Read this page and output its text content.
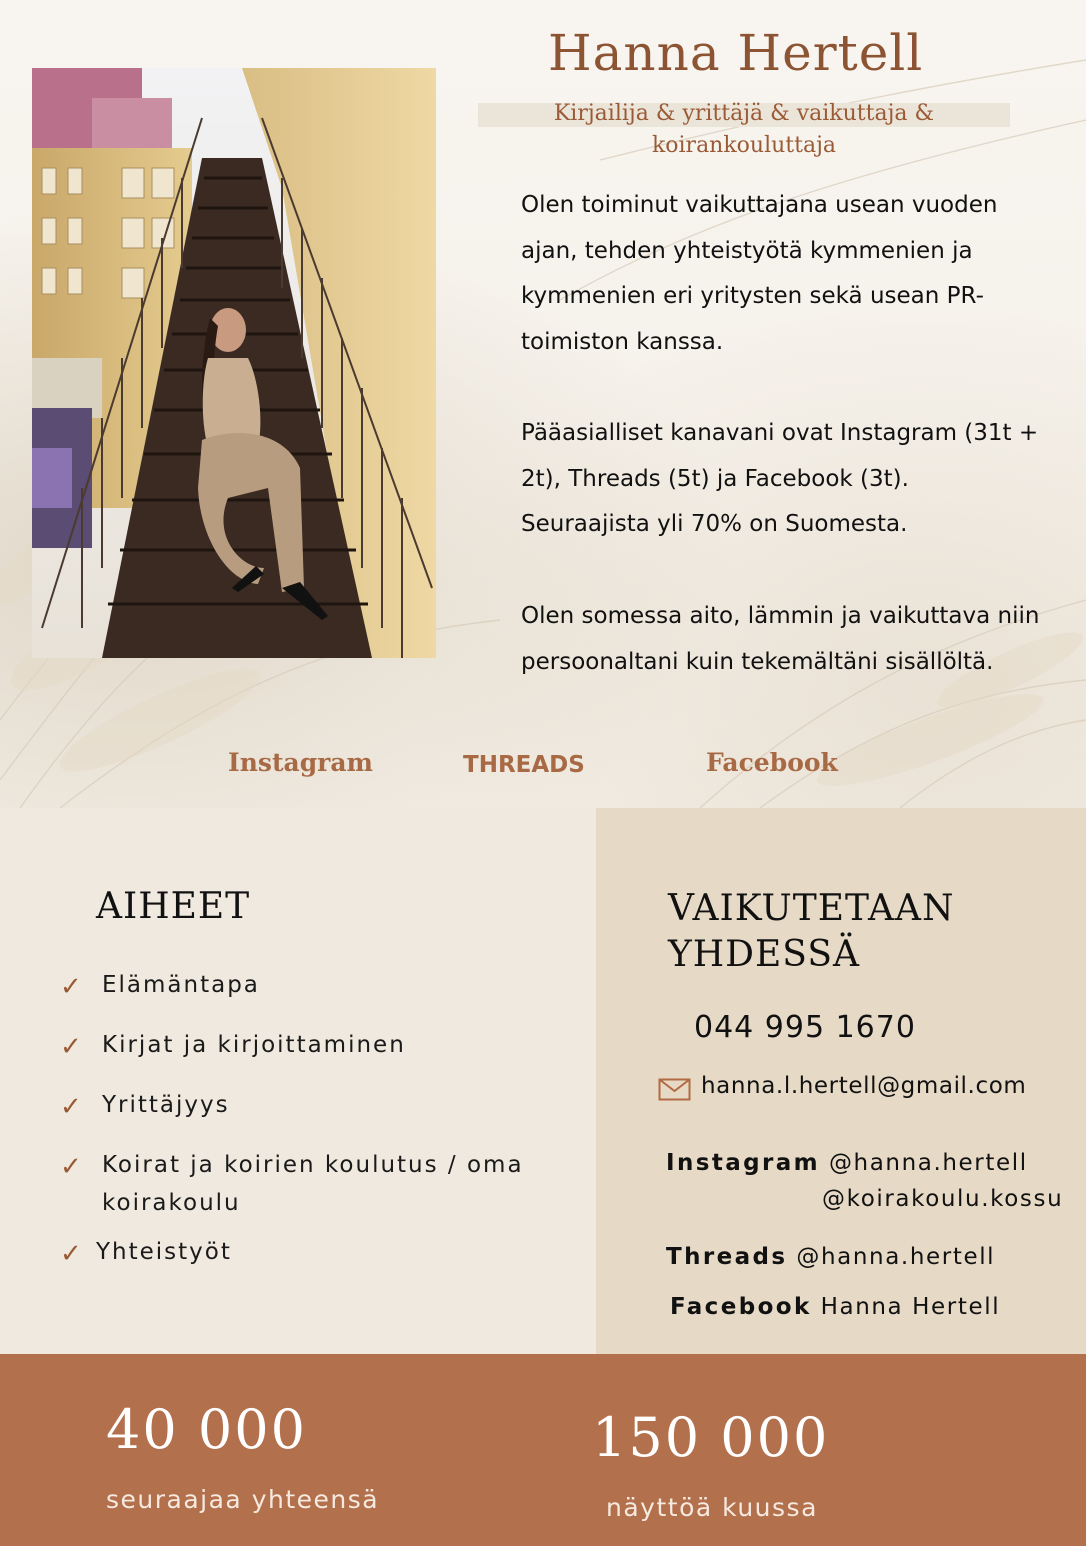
Hanna Hertell
Kirjailija & yrittäjä & vaikuttaja & koirankouluttaja
Olen toiminut vaikuttajana usean vuoden ajan, tehden yhteistyötä kymmenien ja kymmenien eri yritysten sekä usean PR-toimiston kanssa.
Pääasialliset kanavani ovat Instagram (31t + 2t), Threads (5t) ja Facebook (3t). Seuraajista yli 70% on Suomesta.
Olen somessa aito, lämmin ja vaikuttava niin persoonaltani kuin tekemältäni sisällöltä.
Instagram	THREADS	Facebook
AIHEET
✓ Elämäntapa
✓ Kirjat ja kirjoittaminen
✓ Yrittäjyys
✓ Koirat ja koirien koulutus / oma koirakoulu
✓ Yhteistyöt
VAIKUTETAAN YHDESSÄ
044 995 1670
hanna.l.hertell@gmail.com
Instagram @hanna.hertell
@koirakoulu.kossu
Threads @hanna.hertell
Facebook Hanna Hertell
40 000
seuraajaa yhteensä
150 000
näyttöä kuussa
